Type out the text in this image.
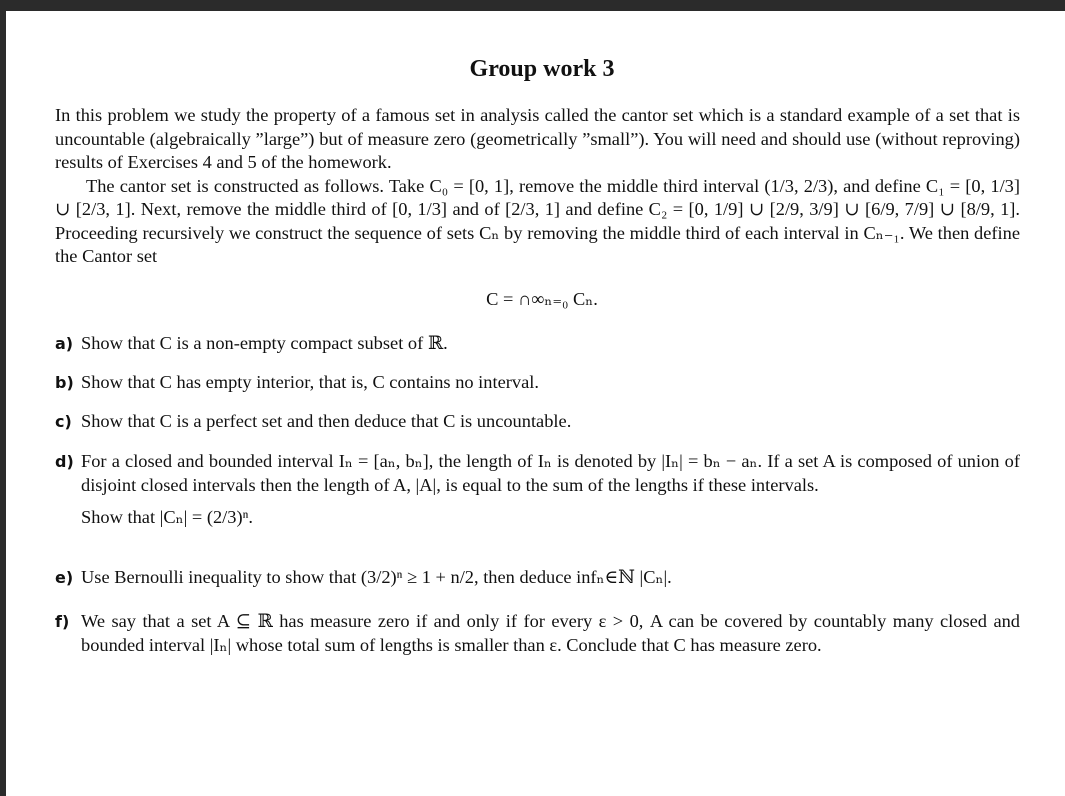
Group work 3

In this problem we study the property of a famous set in analysis called the cantor set which is a standard example of a set that is uncountable (algebraically ”large”) but of measure zero (geometrically ”small”). You will need and should use (without reproving) results of Exercises 4 and 5 of the homework.

The cantor set is constructed as follows. Take C₀ = [0, 1], remove the middle third interval (1/3, 2/3), and define C₁ = [0, 1/3] ∪ [2/3, 1]. Next, remove the middle third of [0, 1/3] and of [2/3, 1] and define C₂ = [0, 1/9] ∪ [2/9, 3/9] ∪ [6/9, 7/9] ∪ [8/9, 1]. Proceeding recursively we construct the sequence of sets Cₙ by removing the middle third of each interval in Cₙ₋₁. We then define the Cantor set

C = ∩∞ₙ₌₀ Cₙ.
a) Show that C is a non-empty compact subset of ℝ.
b) Show that C has empty interior, that is, C contains no interval.
c) Show that C is a perfect set and then deduce that C is uncountable.
d) For a closed and bounded interval Iₙ = [aₙ, bₙ], the length of Iₙ is denoted by |Iₙ| = bₙ − aₙ. If a set A is composed of union of disjoint closed intervals then the length of A, |A|, is equal to the sum of the lengths if these intervals.
Show that |Cₙ| = (2/3)ⁿ.
e) Use Bernoulli inequality to show that (3/2)ⁿ ≥ 1 + n/2, then deduce infₙ∈ℕ |Cₙ|.
f) We say that a set A ⊆ ℝ has measure zero if and only if for every ε > 0, A can be covered by countably many closed and bounded interval |Iₙ| whose total sum of lengths is smaller than ε. Conclude that C has measure zero.
